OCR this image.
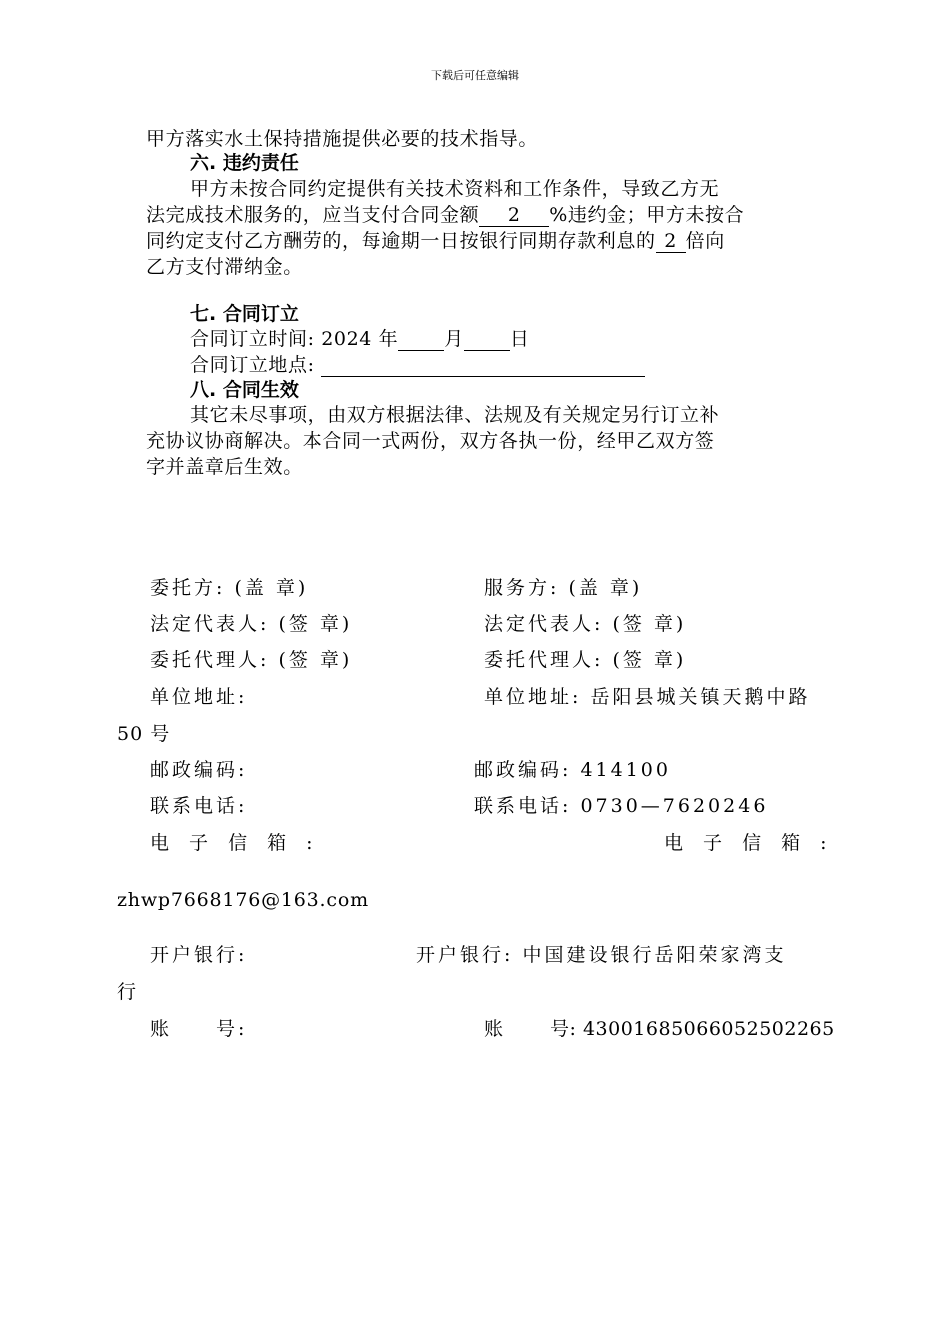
下载后可任意编辑
甲方落实水土保持措施提供必要的技术指导。
六. 违约责任
甲方未按合同约定提供有关技术资料和工作条件，导致乙方无
法完成技术服务的，应当支付合同金额 2 %违约金；甲方未按合
同约定支付乙方酬劳的，每逾期一日按银行同期存款利息的 2 倍向
乙方支付滞纳金。
七. 合同订立
合同订立时间: 2024 年 月 日
合同订立地点:
八. 合同生效
其它未尽事项，由双方根据法律、法规及有关规定另行订立补
充协议协商解决。本合同一式两份，双方各执一份，经甲乙双方签
字并盖章后生效。
委托方: (盖 章)	服务方: (盖 章)
法定代表人: (签 章)	法定代表人: (签 章)
委托代理人: (签 章)	委托代理人: (签 章)
单位地址:	单位地址: 岳阳县城关镇天鹅中路
50 号
邮政编码:	邮政编码: 414100
联系电话:	联系电话: 0730—7620246
电 子 信 箱 :	电 子 信 箱 :
zhwp7668176@163.com
开户银行:	开户银行: 中国建设银行岳阳荣家湾支
行
账 号:	账 号: 43001685066052502265
